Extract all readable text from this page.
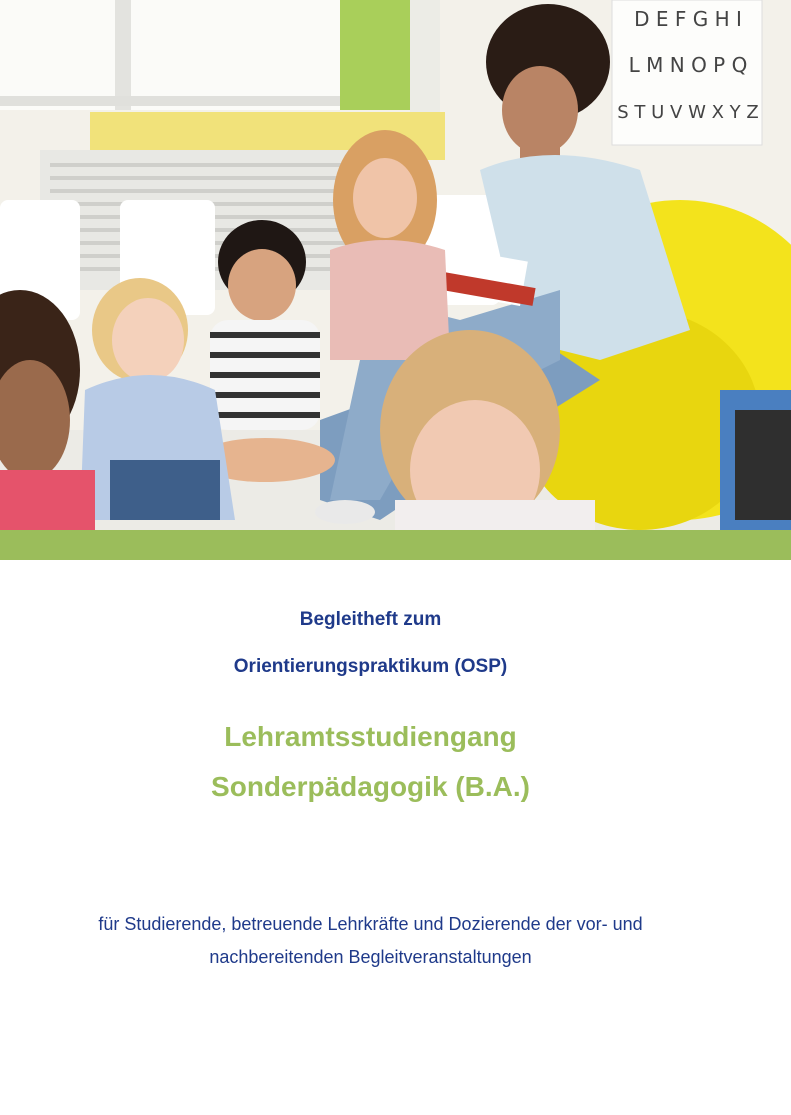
D E F G H I
L M N O P Q
S T U V W X Y Z
Begleitheft zum
Orientierungspraktikum (OSP)
Lehramtsstudiengang
Sonderpädagogik (B.A.)
für Studierende, betreuende Lehrkräfte und Dozierende der vor- und
nachbereitenden Begleitveranstaltungen
